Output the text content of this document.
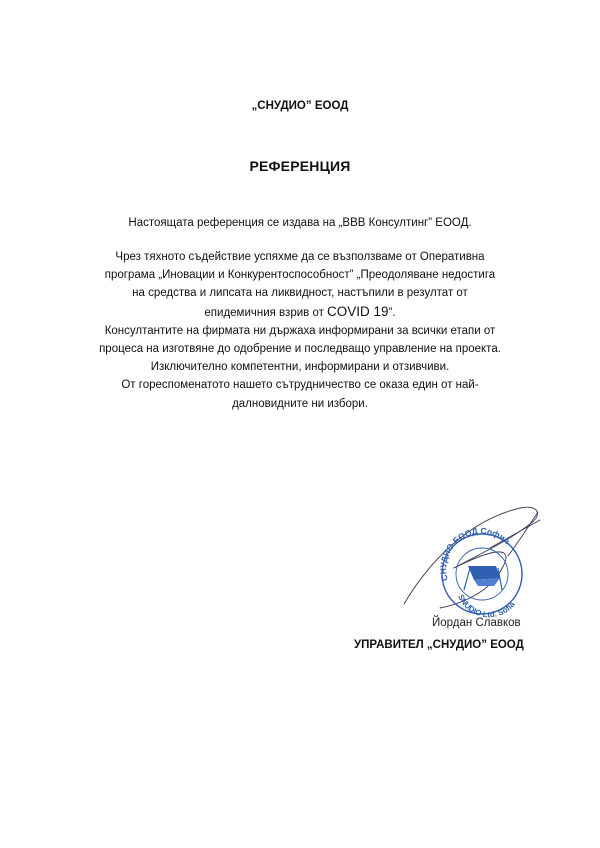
„СНУДИО” ЕООД
РЕФЕРЕНЦИЯ
Настоящата референция се издава на „ВВВ Консултинг” ЕООД.
Чрез тяхното съдействие успяхме да се възползваме от Оперативна
програма „Иновации и Конкурентоспособност” „Преодоляване недостига
на средства и липсата на ликвидност, настъпили в резултат от
епидемичния взрив от COVID 19”.
Консултантите на фирмата ни държаха информирани за всички етапи от
процеса на изготвяне до одобрение и последващо управление на проекта.
Изключително компетентни, информирани и отзивчиви.
От гореспоменатото нашето сътрудничество се оказа един от най-
далновидните ни избори.
СНУДИО ЕООД София
SNUDIO Ltd. Sofia
Йордан Славков
УПРАВИТЕЛ „СНУДИО” ЕООД
